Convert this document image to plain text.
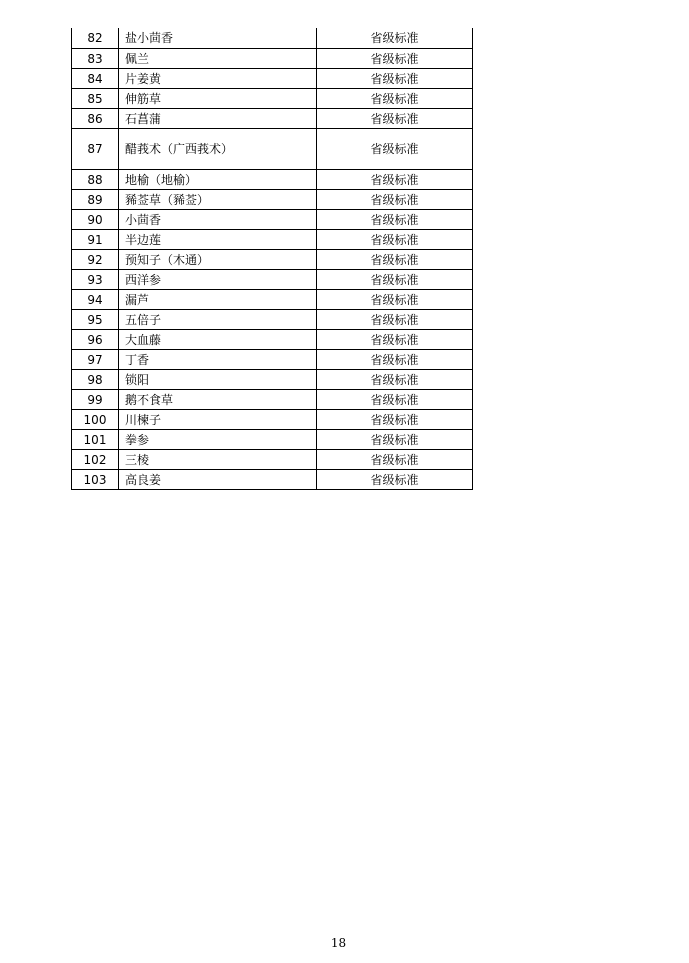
82	盐小茴香	省级标准
83	佩兰	省级标准
84	片姜黄	省级标准
85	伸筋草	省级标准
86	石菖蒲	省级标准
87	醋莪术（广西莪术）	省级标准
88	地榆（地榆）	省级标准
89	豨莶草（豨莶）	省级标准
90	小茴香	省级标准
91	半边莲	省级标准
92	预知子（木通）	省级标准
93	西洋参	省级标准
94	漏芦	省级标准
95	五倍子	省级标准
96	大血藤	省级标准
97	丁香	省级标准
98	锁阳	省级标准
99	鹅不食草	省级标准
100	川楝子	省级标准
101	拳参	省级标准
102	三棱	省级标准
103	高良姜	省级标准
18
